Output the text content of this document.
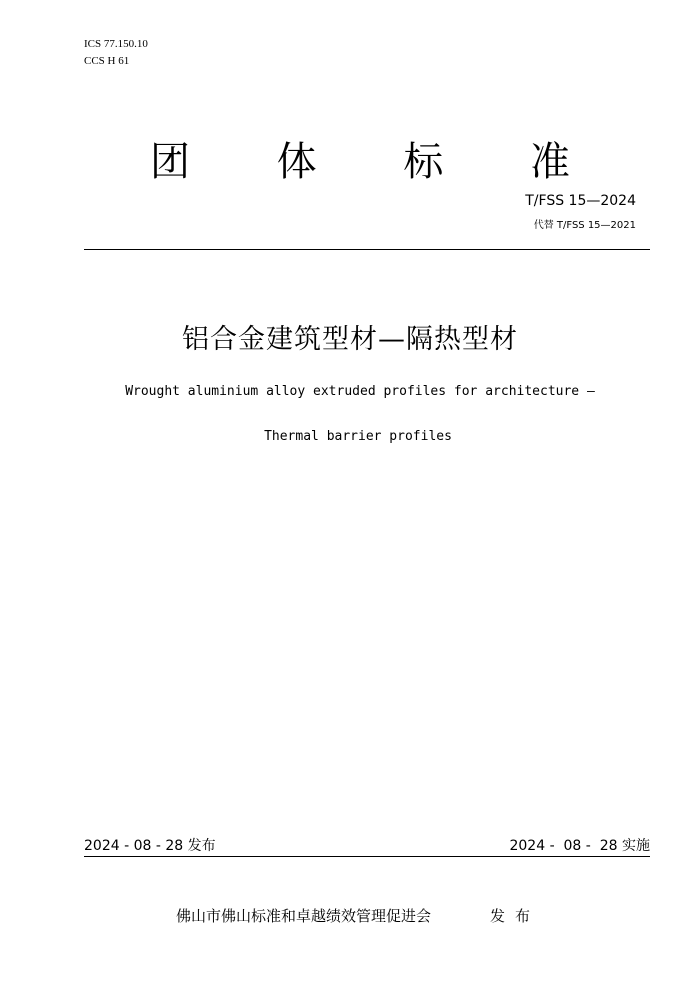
ICS 77.150.10
CCS H 61
团 体 标 准
T/FSS 15—2024
代替 T/FSS 15—2021
铝合金建筑型材—隔热型材
Wrought aluminium alloy extruded profiles for architecture —
Thermal barrier profiles
2024 - 08 - 28 发布	2024 -  08 -  28 实施
佛山市佛山标准和卓越绩效管理促进会	发布
